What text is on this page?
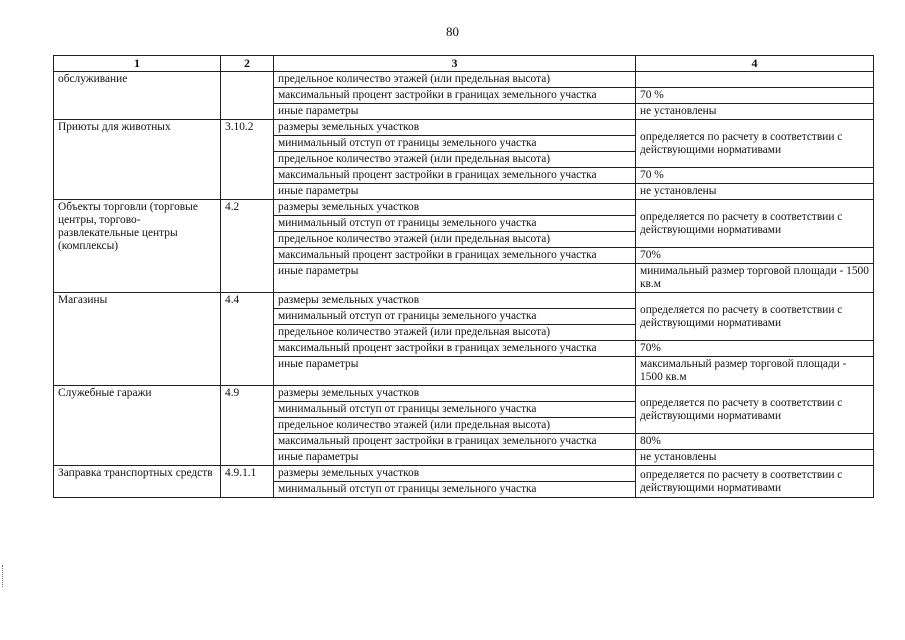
80
1	2	3	4
обслуживание		предельное количество этажей (или предельная высота)	
		максимальный процент застройки в границах земельного участка	70 %
		иные параметры	не установлены
Приюты для животных	3.10.2	размеры земельных участков	определяется по расчету в соответствии с действующими нормативами
		минимальный отступ от границы земельного участка	
		предельное количество этажей (или предельная высота)	
		максимальный процент застройки в границах земельного участка	70 %
		иные параметры	не установлены
Объекты торговли (торговые центры, торгово-развлекательные центры (комплексы)	4.2	размеры земельных участков	определяется по расчету в соответствии с действующими нормативами
		минимальный отступ от границы земельного участка	
		предельное количество этажей (или предельная высота)	
		максимальный процент застройки в границах земельного участка	70%
		иные параметры	минимальный размер торговой площади - 1500 кв.м
Магазины	4.4	размеры земельных участков	определяется по расчету в соответствии с действующими нормативами
		минимальный отступ от границы земельного участка	
		предельное количество этажей (или предельная высота)	
		максимальный процент застройки в границах земельного участка	70%
		иные параметры	максимальный размер торговой площади - 1500 кв.м
Служебные гаражи	4.9	размеры земельных участков	определяется по расчету в соответствии с действующими нормативами
		минимальный отступ от границы земельного участка	
		предельное количество этажей (или предельная высота)	
		максимальный процент застройки в границах земельного участка	80%
		иные параметры	не установлены
Заправка транспортных средств	4.9.1.1	размеры земельных участков	определяется по расчету в соответствии с действующими нормативами
		минимальный отступ от границы земельного участка	
